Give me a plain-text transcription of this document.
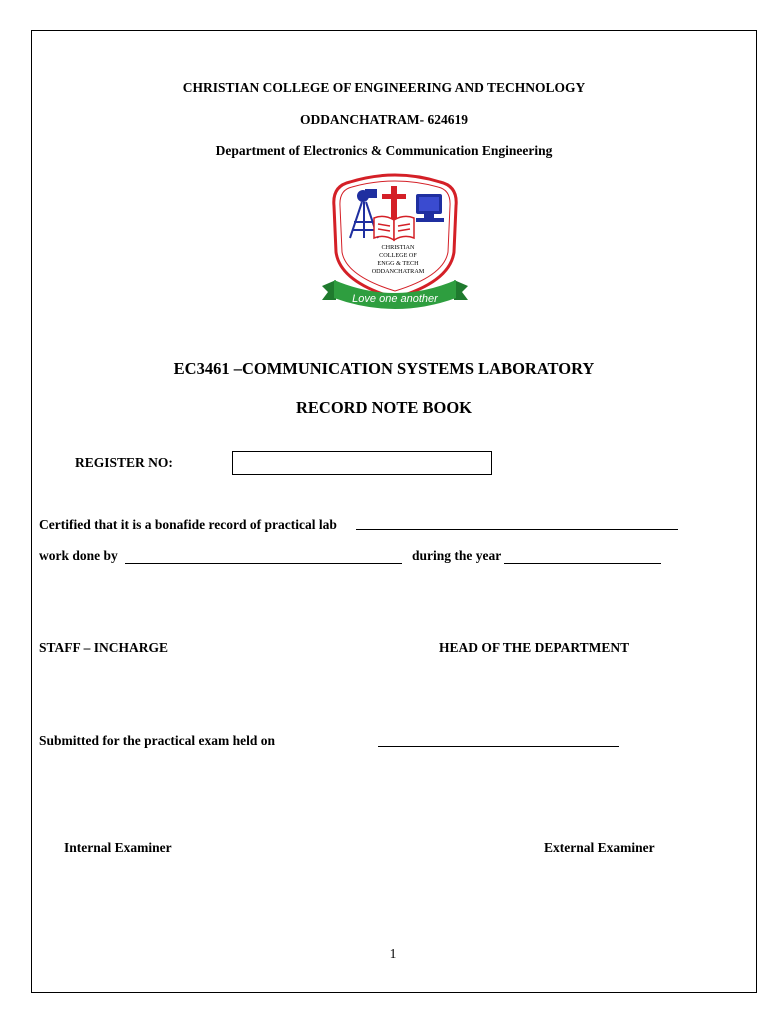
CHRISTIAN COLLEGE OF ENGINEERING AND TECHNOLOGY
ODDANCHATRAM- 624619
Department of Electronics & Communication Engineering
CHRISTIAN
COLLEGE OF
ENGG & TECH
ODDANCHATRAM
Love one another
EC3461 –COMMUNICATION SYSTEMS LABORATORY
RECORD NOTE BOOK
REGISTER NO:
Certified that it is a bonafide record of practical lab
work done by	during the year
STAFF – INCHARGE	HEAD OF THE DEPARTMENT
Submitted for the practical exam held on
Internal Examiner	External Examiner
1
